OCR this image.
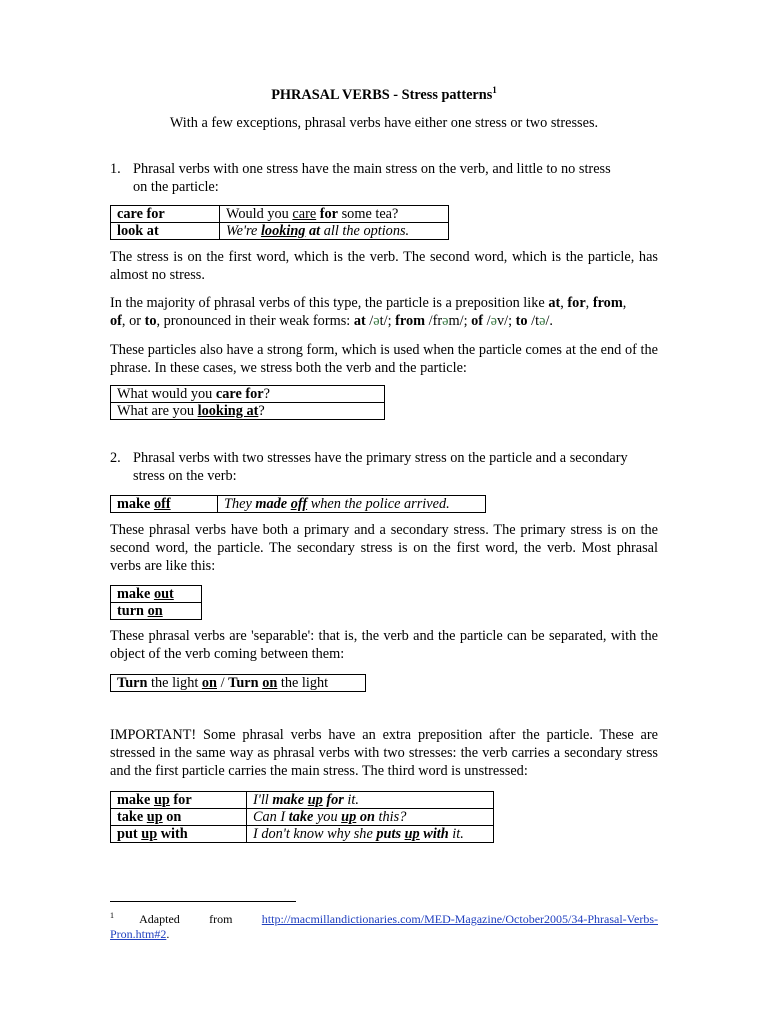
PHRASAL VERBS - Stress patterns$^1$
With a few exceptions, phrasal verbs have either one stress or two stresses.
1. Phrasal verbs with one stress have the main stress on the verb, and little to no stress
on the particle:
care for	Would you care for some tea?
look at	We're looking at all the options.
The stress is on the first word, which is the verb. The second word, which is the particle, has almost no stress.
In the majority of phrasal verbs of this type, the particle is a preposition like at, for, from,
of, or to, pronounced in their weak forms: at /ət/; from /frəm/; of /əv/; to /tə/.
These particles also have a strong form, which is used when the particle comes at the end of the phrase. In these cases, we stress both the verb and the particle:
What would you care for?
What are you looking at?
2. Phrasal verbs with two stresses have the primary stress on the particle and a secondary
stress on the verb:
make off	They made off when the police arrived.
These phrasal verbs have both a primary and a secondary stress. The primary stress is on the second word, the particle. The secondary stress is on the first word, the verb. Most phrasal verbs are like this:
make out
turn on
These phrasal verbs are 'separable': that is, the verb and the particle can be separated, with the object of the verb coming between them:
Turn the light on / Turn on the light
IMPORTANT! Some phrasal verbs have an extra preposition after the particle. These are stressed in the same way as phrasal verbs with two stresses: the verb carries a secondary stress and the first particle carries the main stress. The third word is unstressed:
make up for	I'll make up for it.
take up on	Can I take you up on this?
put up with	I don't know why she puts up with it.
$^1$ Adapted from http://macmillandictionaries.com/MED-Magazine/October2005/34-Phrasal-Verbs-Pron.htm#2.
